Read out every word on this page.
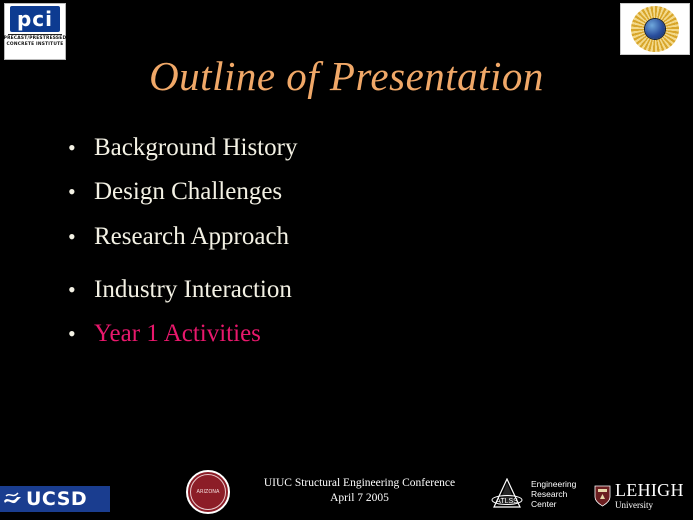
pci
PRECAST/PRESTRESSED
CONCRETE INSTITUTE
Outline of Presentation
• Background History
• Design Challenges
• Research Approach
• Industry Interaction
• Year 1 Activities
UCSD	ARIZONA
UIUC Structural Engineering Conference
April 7 2005	ATLSS
Engineering
Research
Center
LEHIGH
University
